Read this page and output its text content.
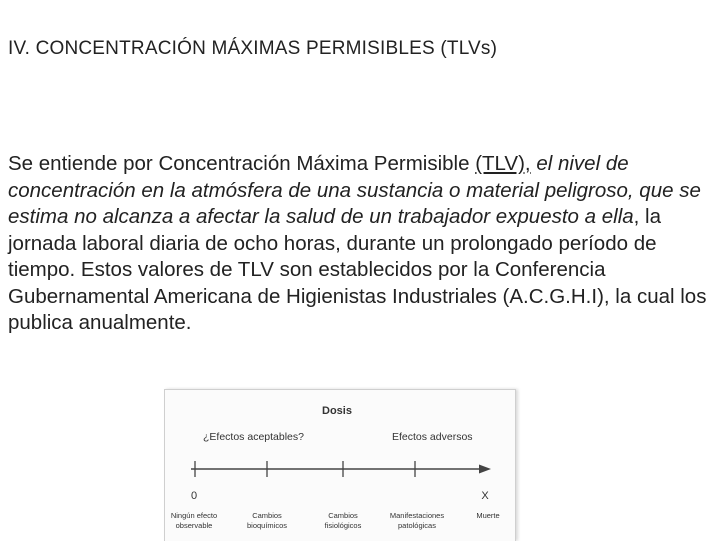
IV. CONCENTRACIÓN MÁXIMAS PERMISIBLES (TLVs)
Se entiende por Concentración Máxima Permisible (TLV), el nivel de concentración en la atmósfera de una sustancia o material peligroso, que se estima no alcanza a afectar la salud de un trabajador expuesto a ella, la jornada laboral diaria de ocho horas, durante un prolongado período de tiempo. Estos valores de TLV son establecidos por la Conferencia Gubernamental Americana de Higienistas Industriales (A.C.G.H.I), la cual los publica anualmente.
Dosis
¿Efectos aceptables?	Efectos adversos
0	X
Ningún efecto
observable
Cambios
bioquímicos
Cambios
fisiológicos
Manifestaciones
patológicas
Muerte
